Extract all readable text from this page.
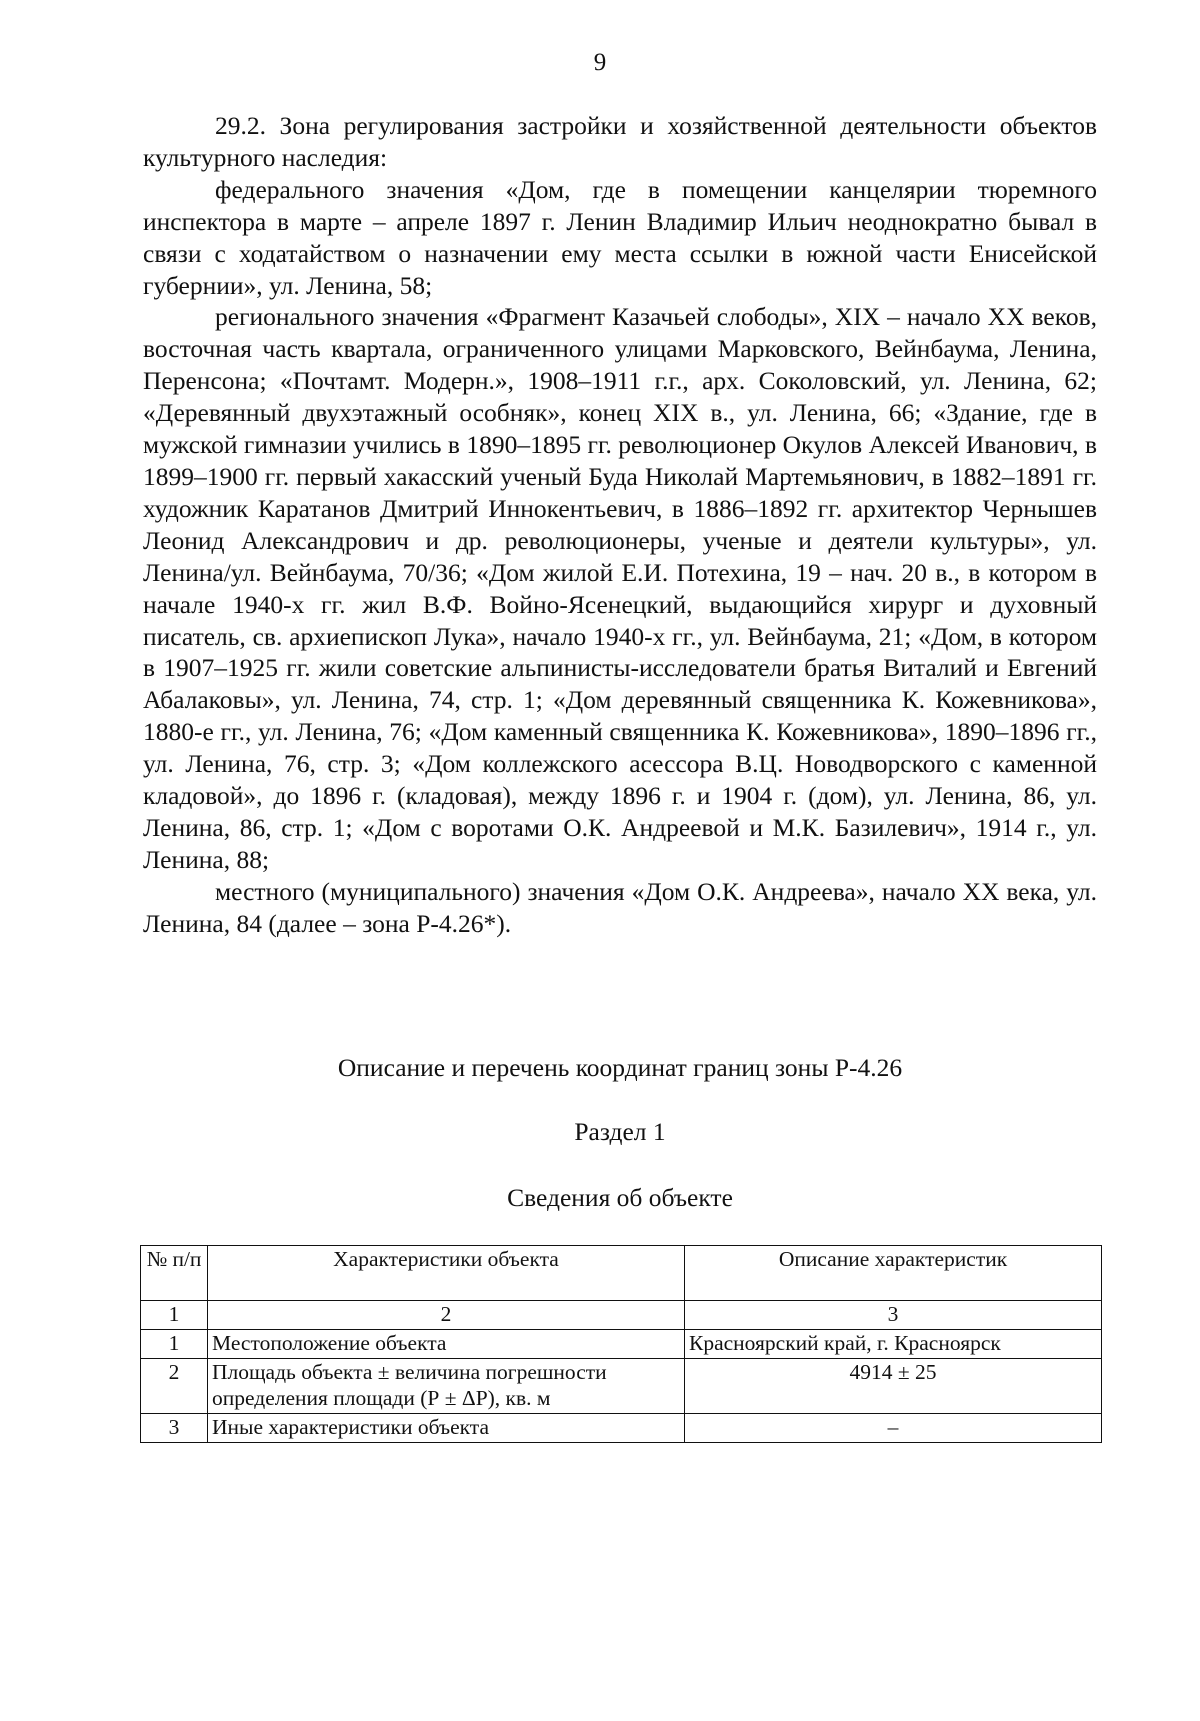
9

29.2. Зона регулирования застройки и хозяйственной деятельности объектов культурного наследия:

федерального значения «Дом, где в помещении канцелярии тюремного инспектора в марте – апреле 1897 г. Ленин Владимир Ильич неоднократно бывал в связи с ходатайством о назначении ему места ссылки в южной части Енисейской губернии», ул. Ленина, 58;

регионального значения «Фрагмент Казачьей слободы», XIX – начало XX веков, восточная часть квартала, ограниченного улицами Марковского, Вейнбаума, Ленина, Перенсона; «Почтамт. Модерн.», 1908–1911 г.г., арх. Соколовский, ул. Ленина, 62; «Деревянный двухэтажный особняк», конец XIX в., ул. Ленина, 66; «Здание, где в мужской гимназии учились в 1890–1895 гг. революционер Окулов Алексей Иванович, в 1899–1900 гг. первый хакасский ученый Буда Николай Мартемьянович, в 1882–1891 гг. художник Каратанов Дмитрий Иннокентьевич, в 1886–1892 гг. архитектор Чернышев Леонид Александрович и др. революционеры, ученые и деятели культуры», ул. Ленина/ул. Вейнбаума, 70/36; «Дом жилой Е.И. Потехина, 19 – нач. 20 в., в котором в начале 1940-х гг. жил В.Ф. Войно-Ясенецкий, выдающийся хирург и духовный писатель, св. архиепископ Лука», начало 1940-х гг., ул. Вейнбаума, 21; «Дом, в котором в 1907–1925 гг. жили советские альпинисты-исследователи братья Виталий и Евгений Абалаковы», ул. Ленина, 74, стр. 1; «Дом деревянный священника К. Кожевникова», 1880-е гг., ул. Ленина, 76; «Дом каменный священника К. Кожевникова», 1890–1896 гг., ул. Ленина, 76, стр. 3; «Дом коллежского асессора В.Ц. Новодворского с каменной кладовой», до 1896 г. (кладовая), между 1896 г. и 1904 г. (дом), ул. Ленина, 86, ул. Ленина, 86, стр. 1; «Дом с воротами О.К. Андреевой и М.К. Базилевич», 1914 г., ул. Ленина, 88;

местного (муниципального) значения «Дом О.К. Андреева», начало XX века, ул. Ленина, 84 (далее – зона Р-4.26*).

Описание и перечень координат границ зоны Р-4.26
Раздел 1
Сведения об объекте
№ п/п	Характеристики объекта	Описание характеристик
1	2	3
1	Местоположение объекта	Красноярский край, г. Красноярск
2	Площадь объекта ± величина погрешности определения площади (Р ± ΔР), кв. м	4914 ± 25
3	Иные характеристики объекта	–
